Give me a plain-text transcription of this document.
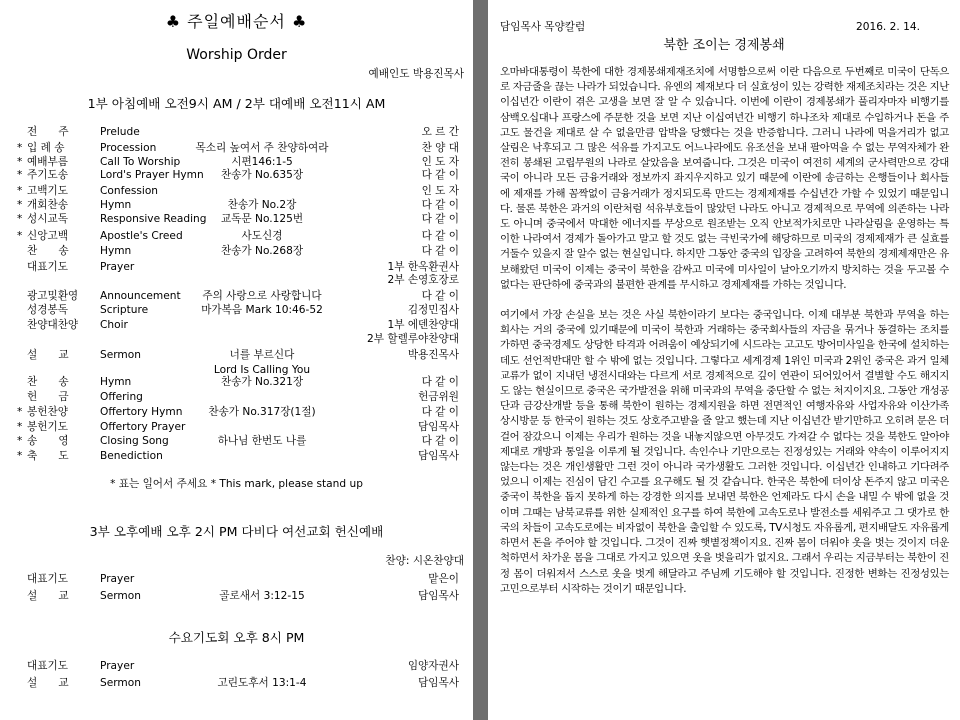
♣ 주일예배순서 ♣
Worship Order
예배인도 박용진목사
1부 아침예배 오전9시 AM / 2부 대예배 오전11시 AM
전　　주	Prelude	오 르 간
* 입 례 송	Procession	목소리 높여서 주 찬양하여라	찬 양 대
* 예배부름	Call To Worship	시편146:1-5	인 도 자
* 주기도송	Lord's Prayer Hymn 찬송가 No.635장	다 같 이
* 고백기도	Confession	인 도 자
* 개회찬송	Hymn	찬송가 No.2장	다 같 이
* 성시교독	Responsive Reading 교독문 No.125번	다 같 이
* 신앙고백	Apostle's Creed	사도신경	다 같 이
찬　　송	Hymn	찬송가 No.268장	다 같 이
대표기도	Prayer	1부 한옥환권사
2부 손영호장로
광고및환영 Announcement 주의 사랑으로 사랑합니다	다 같 이
성경봉독	Scripture	마가복음 Mark 10:46-52	김정민집사
찬양대찬양 Choir	1부 에덴찬양대
2부 할렐루야찬양대
설　　교	Sermon	너를 부르신다	박용진목사
Lord Is Calling You
찬　　송	Hymn	찬송가 No.321장	다 같 이
헌　　금	Offering	헌금위원
* 봉헌찬양	Offertory Hymn 찬송가 No.317장(1절)	다 같 이
* 봉헌기도	Offertory Prayer	담임목사
* 송　　영	Closing Song	하나님 한번도 나를	다 같 이
* 축　　도	Benediction	담임목사
* 표는 일어서 주세요 * This mark, please stand up
3부 오후예배 오후 2시 PM 다비다 여선교회 헌신예배
찬양: 시온찬양대
대표기도	Prayer	맡은이
설　　교	Sermon	골로새서 3:12-15	담임목사
수요기도회 오후 8시 PM
대표기도	Prayer	임양자권사
설　　교	Sermon	고린도후서 13:1-4	담임목사
담임목사 목양칼럼	2016. 2. 14.
북한 조이는 경제봉쇄

오마바대통령이 북한에 대한 경제봉쇄제재조치에 서명함으로써 이란 다음으로 두번째로 미국이 단독으로 자금줄을 끊는 나라가 되었습니다. 유엔의 제재보다 더 실효성이 있는 강력한 재제조치라는 것은 지난 이십년간 이란이 겪은 고생을 보면 잘 알 수 있습니다. 이번에 이란이 경제봉쇄가 풀리자마자 비행기를 삼백오십대나 프랑스에 주문한 것을 보면 지난 이십여년간 비행기 하나조차 제대로 수입하거나 돈을 주고도 물건을 제대로 살 수 없을만큼 압박을 당했다는 것을 반증합니다. 그러니 나라에 먹을거리가 없고 살림은 낙후되고 그 많은 석유를 가지고도 어느나라에도 유조선을 보내 팔아먹을 수 없는 무역자체가 완전히 봉쇄된 고립무원의 나라로 살았음을 보여줍니다. 그것은 미국이 여전히 세계의 군사력만으로 강대국이 아니라 모든 금융거래와 정보까지 좌지우지하고 있기 때문에 이란에 송금하는 은행들이나 회사들에 제재를 가해 꼼짝없이 금융거래가 정지되도록 만드는 경제제재를 수십년간 가할 수 있었기 때문입니다. 물론 북한은 과거의 이란처럼 석유부호들이 많았던 나라도 아니고 경제적으로 무역에 의존하는 나라도 아니며 중국에서 막대한 에너지를 무상으로 원조받는 오직 안보적가치로만 나라살림을 운영하는 특이한 나라여서 경제가 돌아가고 말고 할 것도 없는 극빈국가에 해당하므로 미국의 경제제재가 큰 실효를 거둘수 있을지 잘 알수 없는 현실입니다. 하지만 그동안 중국의 입장을 고려하여 북한의 경제제재만은 유보해왔던 미국이 이제는 중국이 북한을 감싸고 미국에 미사일이 날아오기까지 방치하는 것을 두고볼 수 없다는 판단하에 중국과의 불편한 관계를 무시하고 경제제재를 가하는 것입니다.

여기에서 가장 손실을 보는 것은 사실 북한이라기 보다는 중국입니다. 이제 대부분 북한과 무역을 하는 회사는 거의 중국에 있기때문에 미국이 북한과 거래하는 중국회사들의 자금을 묶거나 동결하는 조치를 가하면 중국경제도 상당한 타격과 어려움이 예상되기에 시드라는 고고도 방어미사일을 한국에 설치하는데도 선언적반대만 할 수 밖에 없는 것입니다. 그렇다고 세계경제 1위인 미국과 2위인 중국은 과거 일체 교류가 없이 지내던 냉전시대와는 다르게 서로 경제적으로 깊이 연관이 되어있어서 결별할 수도 해지지도 않는 현실이므로 중국은 국가발전을 위해 미국과의 무역을 중단할 수 없는 처지이지요. 그동안 개성공단과 금강산개발 등을 통해 북한이 원하는 경제지원을 하면 전면적인 여행자유와 사업자유와 이산가족 상시방문 등 한국이 원하는 것도 상호주고받을 줄 알고 했는데 지난 이십년간 받기만하고 오히려 문은 더 걸어 잠갔으니 이제는 우리가 원하는 것을 내놓지않으면 아무것도 가져갈 수 없다는 것을 북한도 알아야 제대로 개방과 통일을 이루게 될 것입니다. 속인수나 기만으로는 진정성있는 거래와 약속이 이루어지지 않는다는 것은 개인생활만 그런 것이 아니라 국가생활도 그러한 것입니다. 이십년간 인내하고 기다려주었으니 이제는 진심이 담긴 수고를 요구해도 될 것 같습니다. 한국은 북한에 더이상 돈주지 않고 미국은 중국이 북한을 돕지 못하게 하는 강경한 의지를 보내면 북한은 언제라도 다시 손을 내밀 수 밖에 없을 것이며 그때는 남북교류를 위한 실제적인 요구를 하여 북한에 고속도로나 발전소를 세워주고 그 댓가로 한국의 차들이 고속도로에는 비자없이 북한을 출입할 수 있도록, TV시청도 자유롭게, 편지배달도 자유롭게 하면서 돈을 주어야 할 것입니다. 그것이 진짜 햇볕정책이지요. 진짜 몸이 더워야 옷을 벗는 것이지 더운척하면서 차가운 몸을 그대로 가지고 있으면 옷을 벗을리가 없지요. 그래서 우리는 지금부터는 북한이 진정 몸이 더워져서 스스로 옷을 벗게 해달라고 주님께 기도해야 할 것입니다. 진정한 변화는 진정성있는 고민으로부터 시작하는 것이기 때문입니다.
